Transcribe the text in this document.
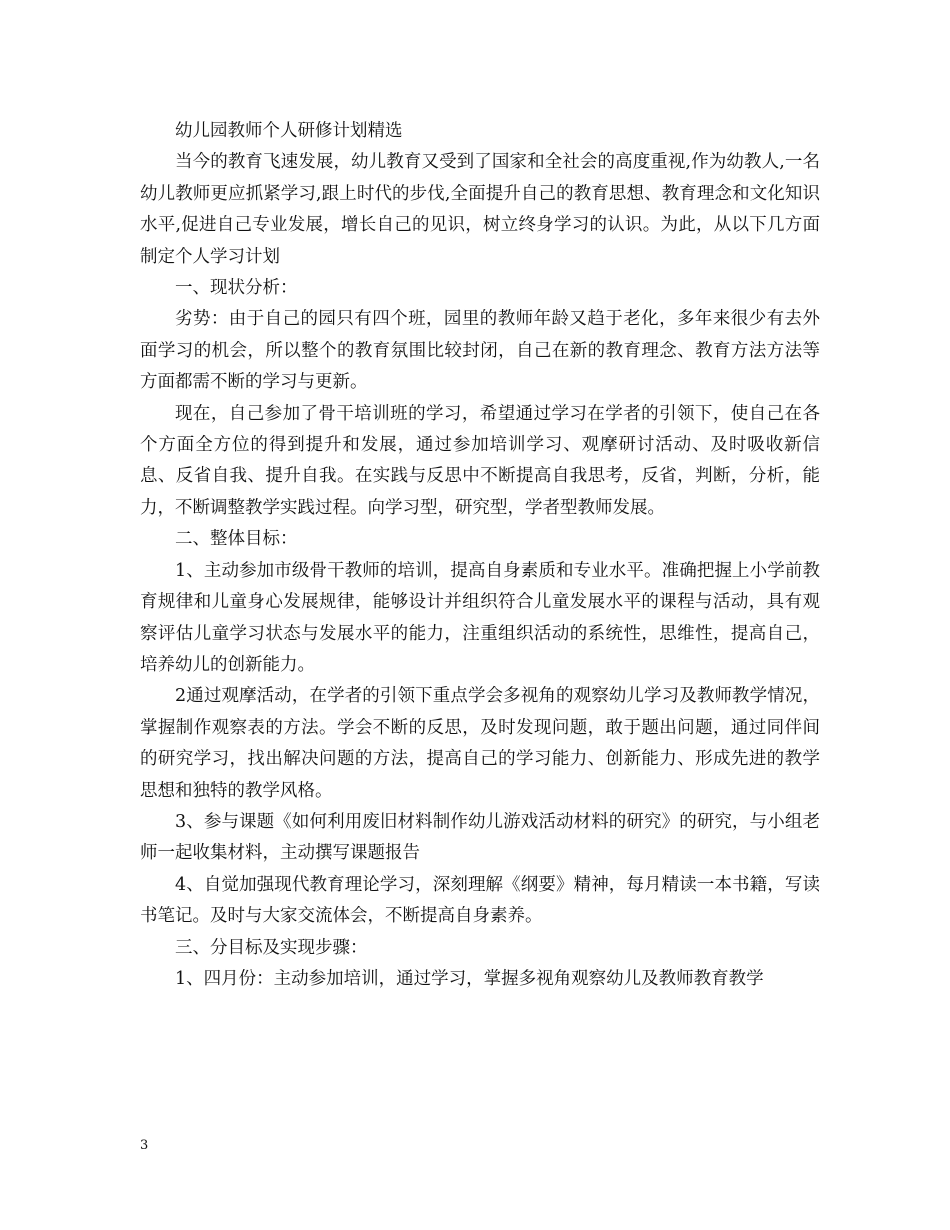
幼儿园教师个人研修计划精选

当今的教育飞速发展，幼儿教育又受到了国家和全社会的高度重视,作为幼教人,一名幼儿教师更应抓紧学习,跟上时代的步伐,全面提升自己的教育思想、教育理念和文化知识水平,促进自己专业发展，增长自己的见识，树立终身学习的认识。为此，从以下几方面制定个人学习计划

一、现状分析：

劣势：由于自己的园只有四个班，园里的教师年龄又趋于老化，多年来很少有去外面学习的机会，所以整个的教育氛围比较封闭，自己在新的教育理念、教育方法方法等方面都需不断的学习与更新。

现在，自己参加了骨干培训班的学习，希望通过学习在学者的引领下，使自己在各个方面全方位的得到提升和发展，通过参加培训学习、观摩研讨活动、及时吸收新信息、反省自我、提升自我。在实践与反思中不断提高自我思考，反省，判断，分析，能力，不断调整教学实践过程。向学习型，研究型，学者型教师发展。

二、整体目标：

1、主动参加市级骨干教师的培训，提高自身素质和专业水平。准确把握上小学前教育规律和儿童身心发展规律，能够设计并组织符合儿童发展水平的课程与活动，具有观察评估儿童学习状态与发展水平的能力，注重组织活动的系统性，思维性，提高自己，培养幼儿的创新能力。

2通过观摩活动，在学者的引领下重点学会多视角的观察幼儿学习及教师教学情况，掌握制作观察表的方法。学会不断的反思，及时发现问题，敢于题出问题，通过同伴间的研究学习，找出解决问题的方法，提高自己的学习能力、创新能力、形成先进的教学思想和独特的教学风格。

3、参与课题《如何利用废旧材料制作幼儿游戏活动材料的研究》的研究，与小组老师一起收集材料，主动撰写课题报告

4、自觉加强现代教育理论学习，深刻理解《纲要》精神，每月精读一本书籍，写读书笔记。及时与大家交流体会，不断提高自身素养。

三、分目标及实现步骤：

1、四月份：主动参加培训，通过学习，掌握多视角观察幼儿及教师教育教学

3
